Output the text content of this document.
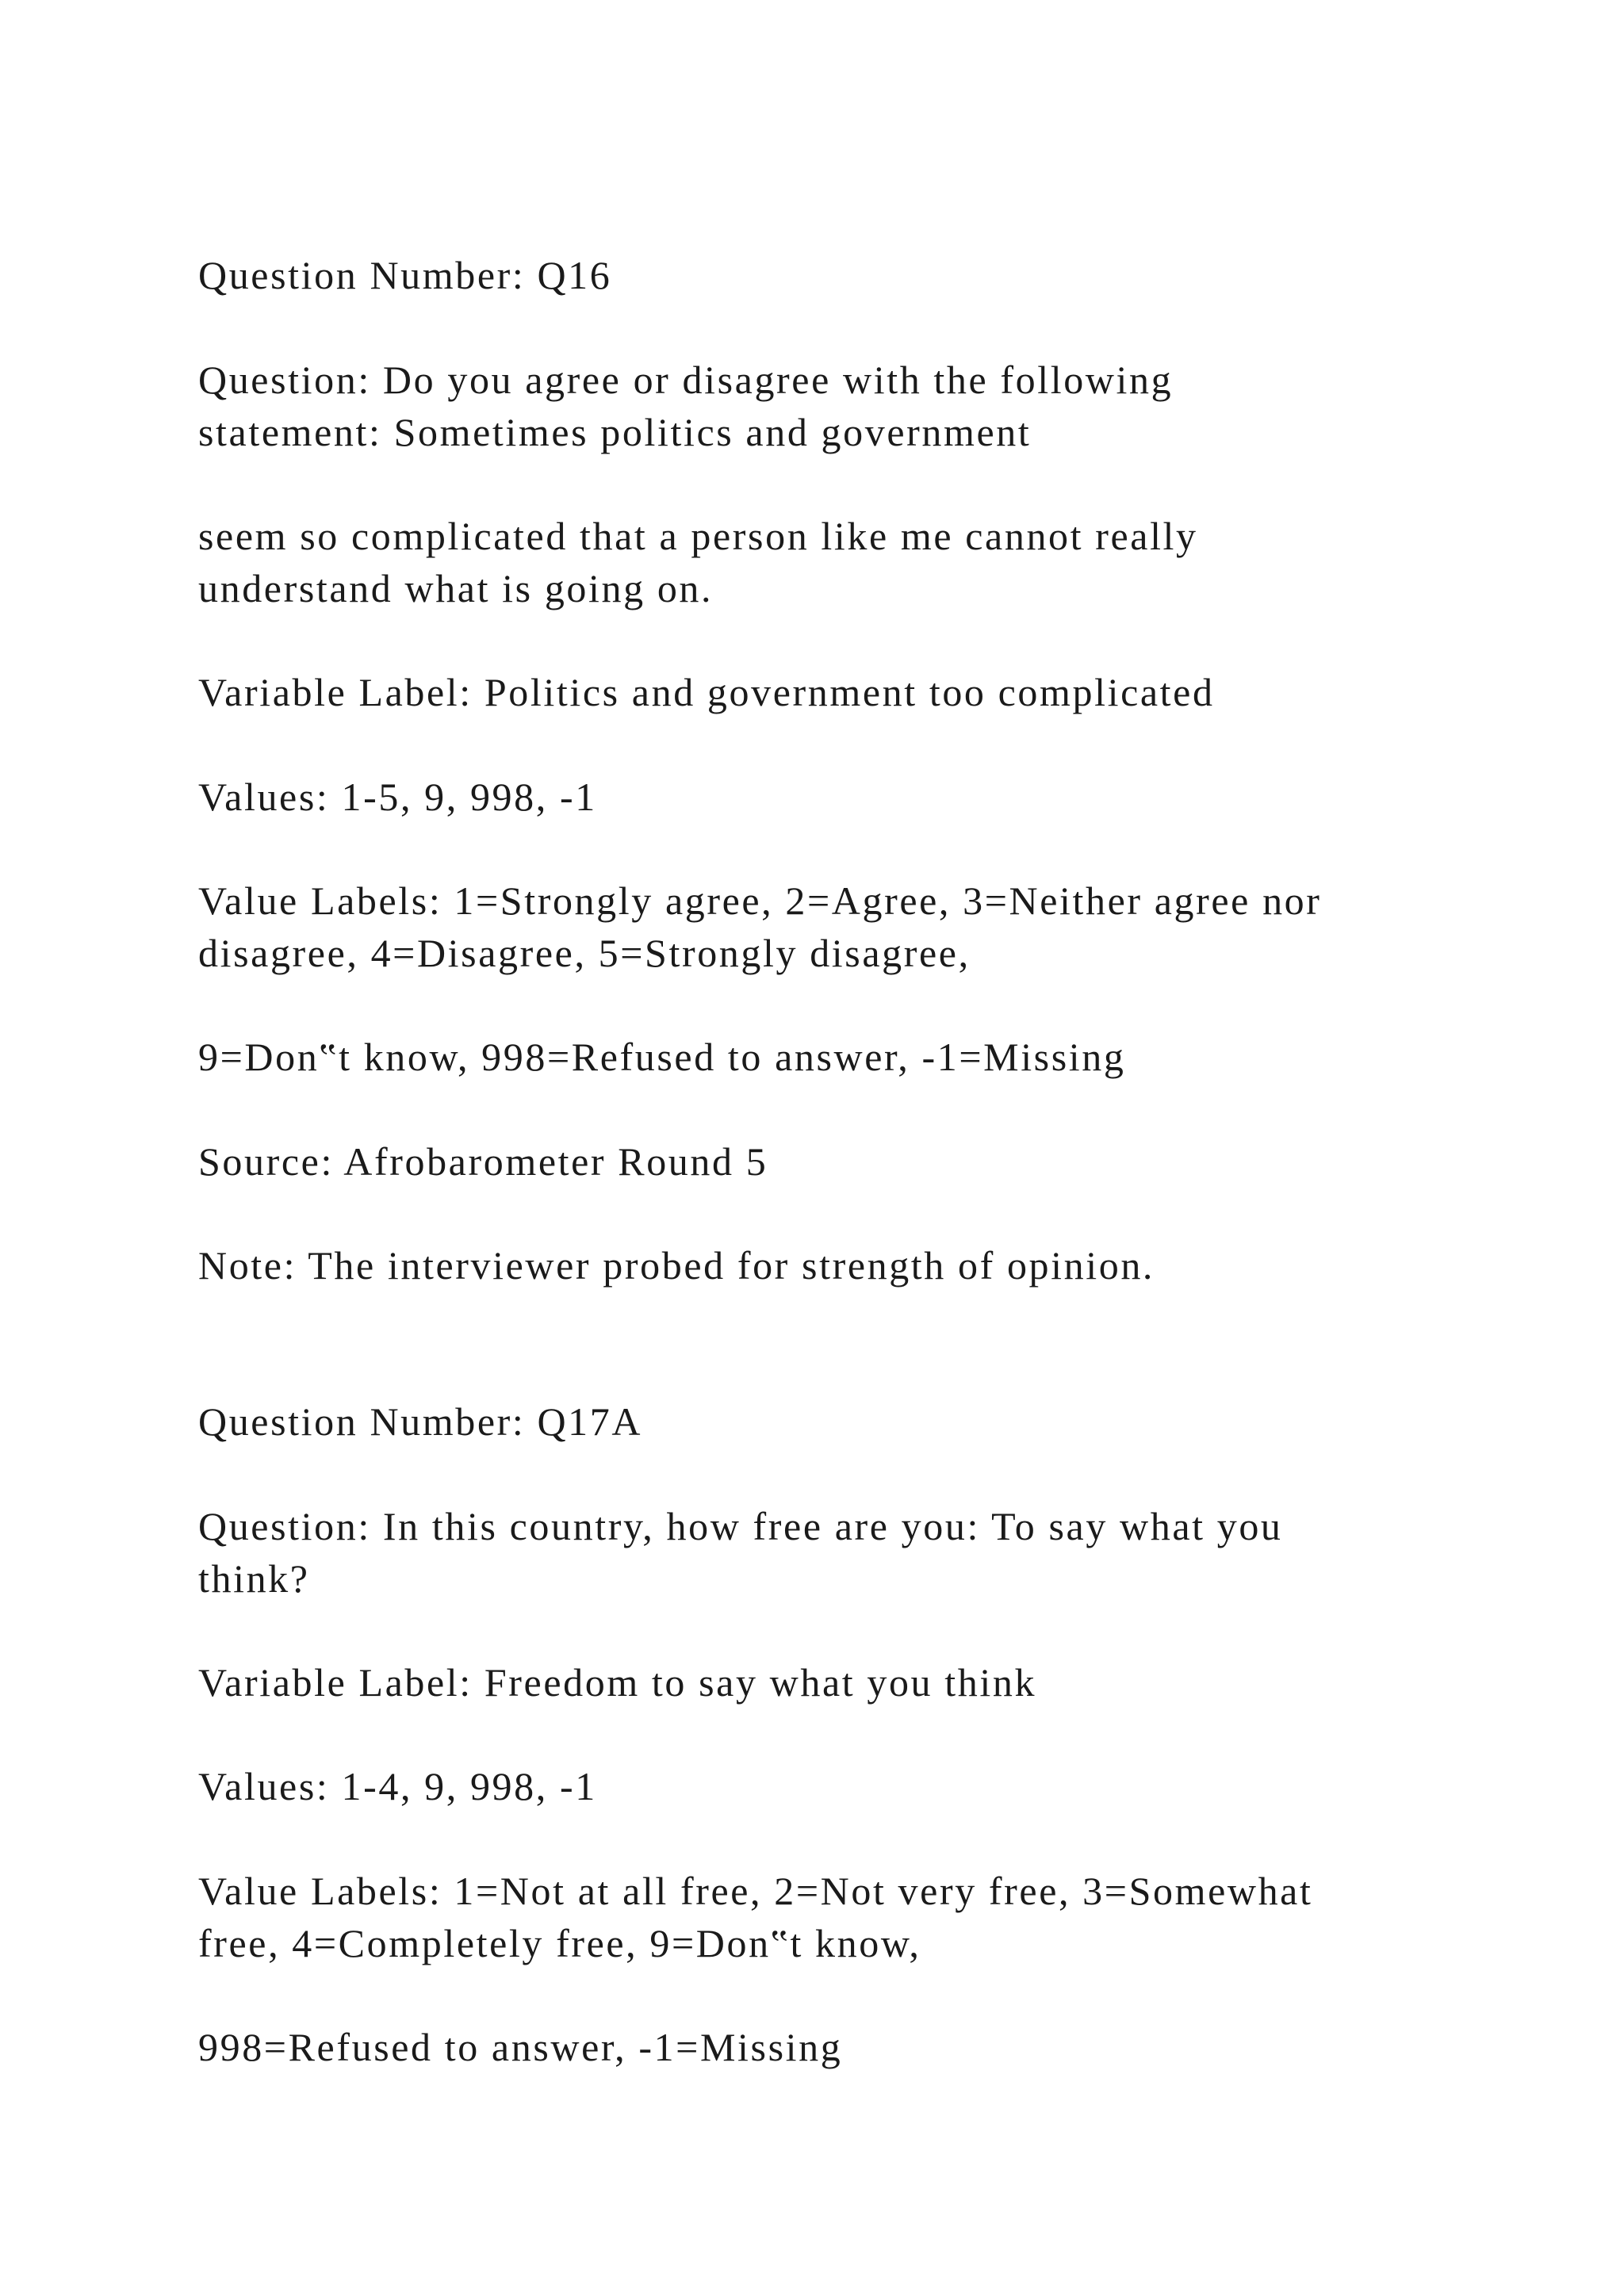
Question Number: Q16

Question: Do you agree or disagree with the following

statement: Sometimes politics and government

seem so complicated that a person like me cannot really

understand what is going on.

Variable Label: Politics and government too complicated

Values: 1-5, 9, 998, -1

Value Labels: 1=Strongly agree, 2=Agree, 3=Neither agree nor

disagree, 4=Disagree, 5=Strongly disagree,

9=Don‟t know, 998=Refused to answer, -1=Missing

Source: Afrobarometer Round 5

Note: The interviewer probed for strength of opinion.

Question Number: Q17A

Question: In this country, how free are you: To say what you

think?

Variable Label: Freedom to say what you think

Values: 1-4, 9, 998, -1

Value Labels: 1=Not at all free, 2=Not very free, 3=Somewhat

free, 4=Completely free, 9=Don‟t know,

998=Refused to answer, -1=Missing
